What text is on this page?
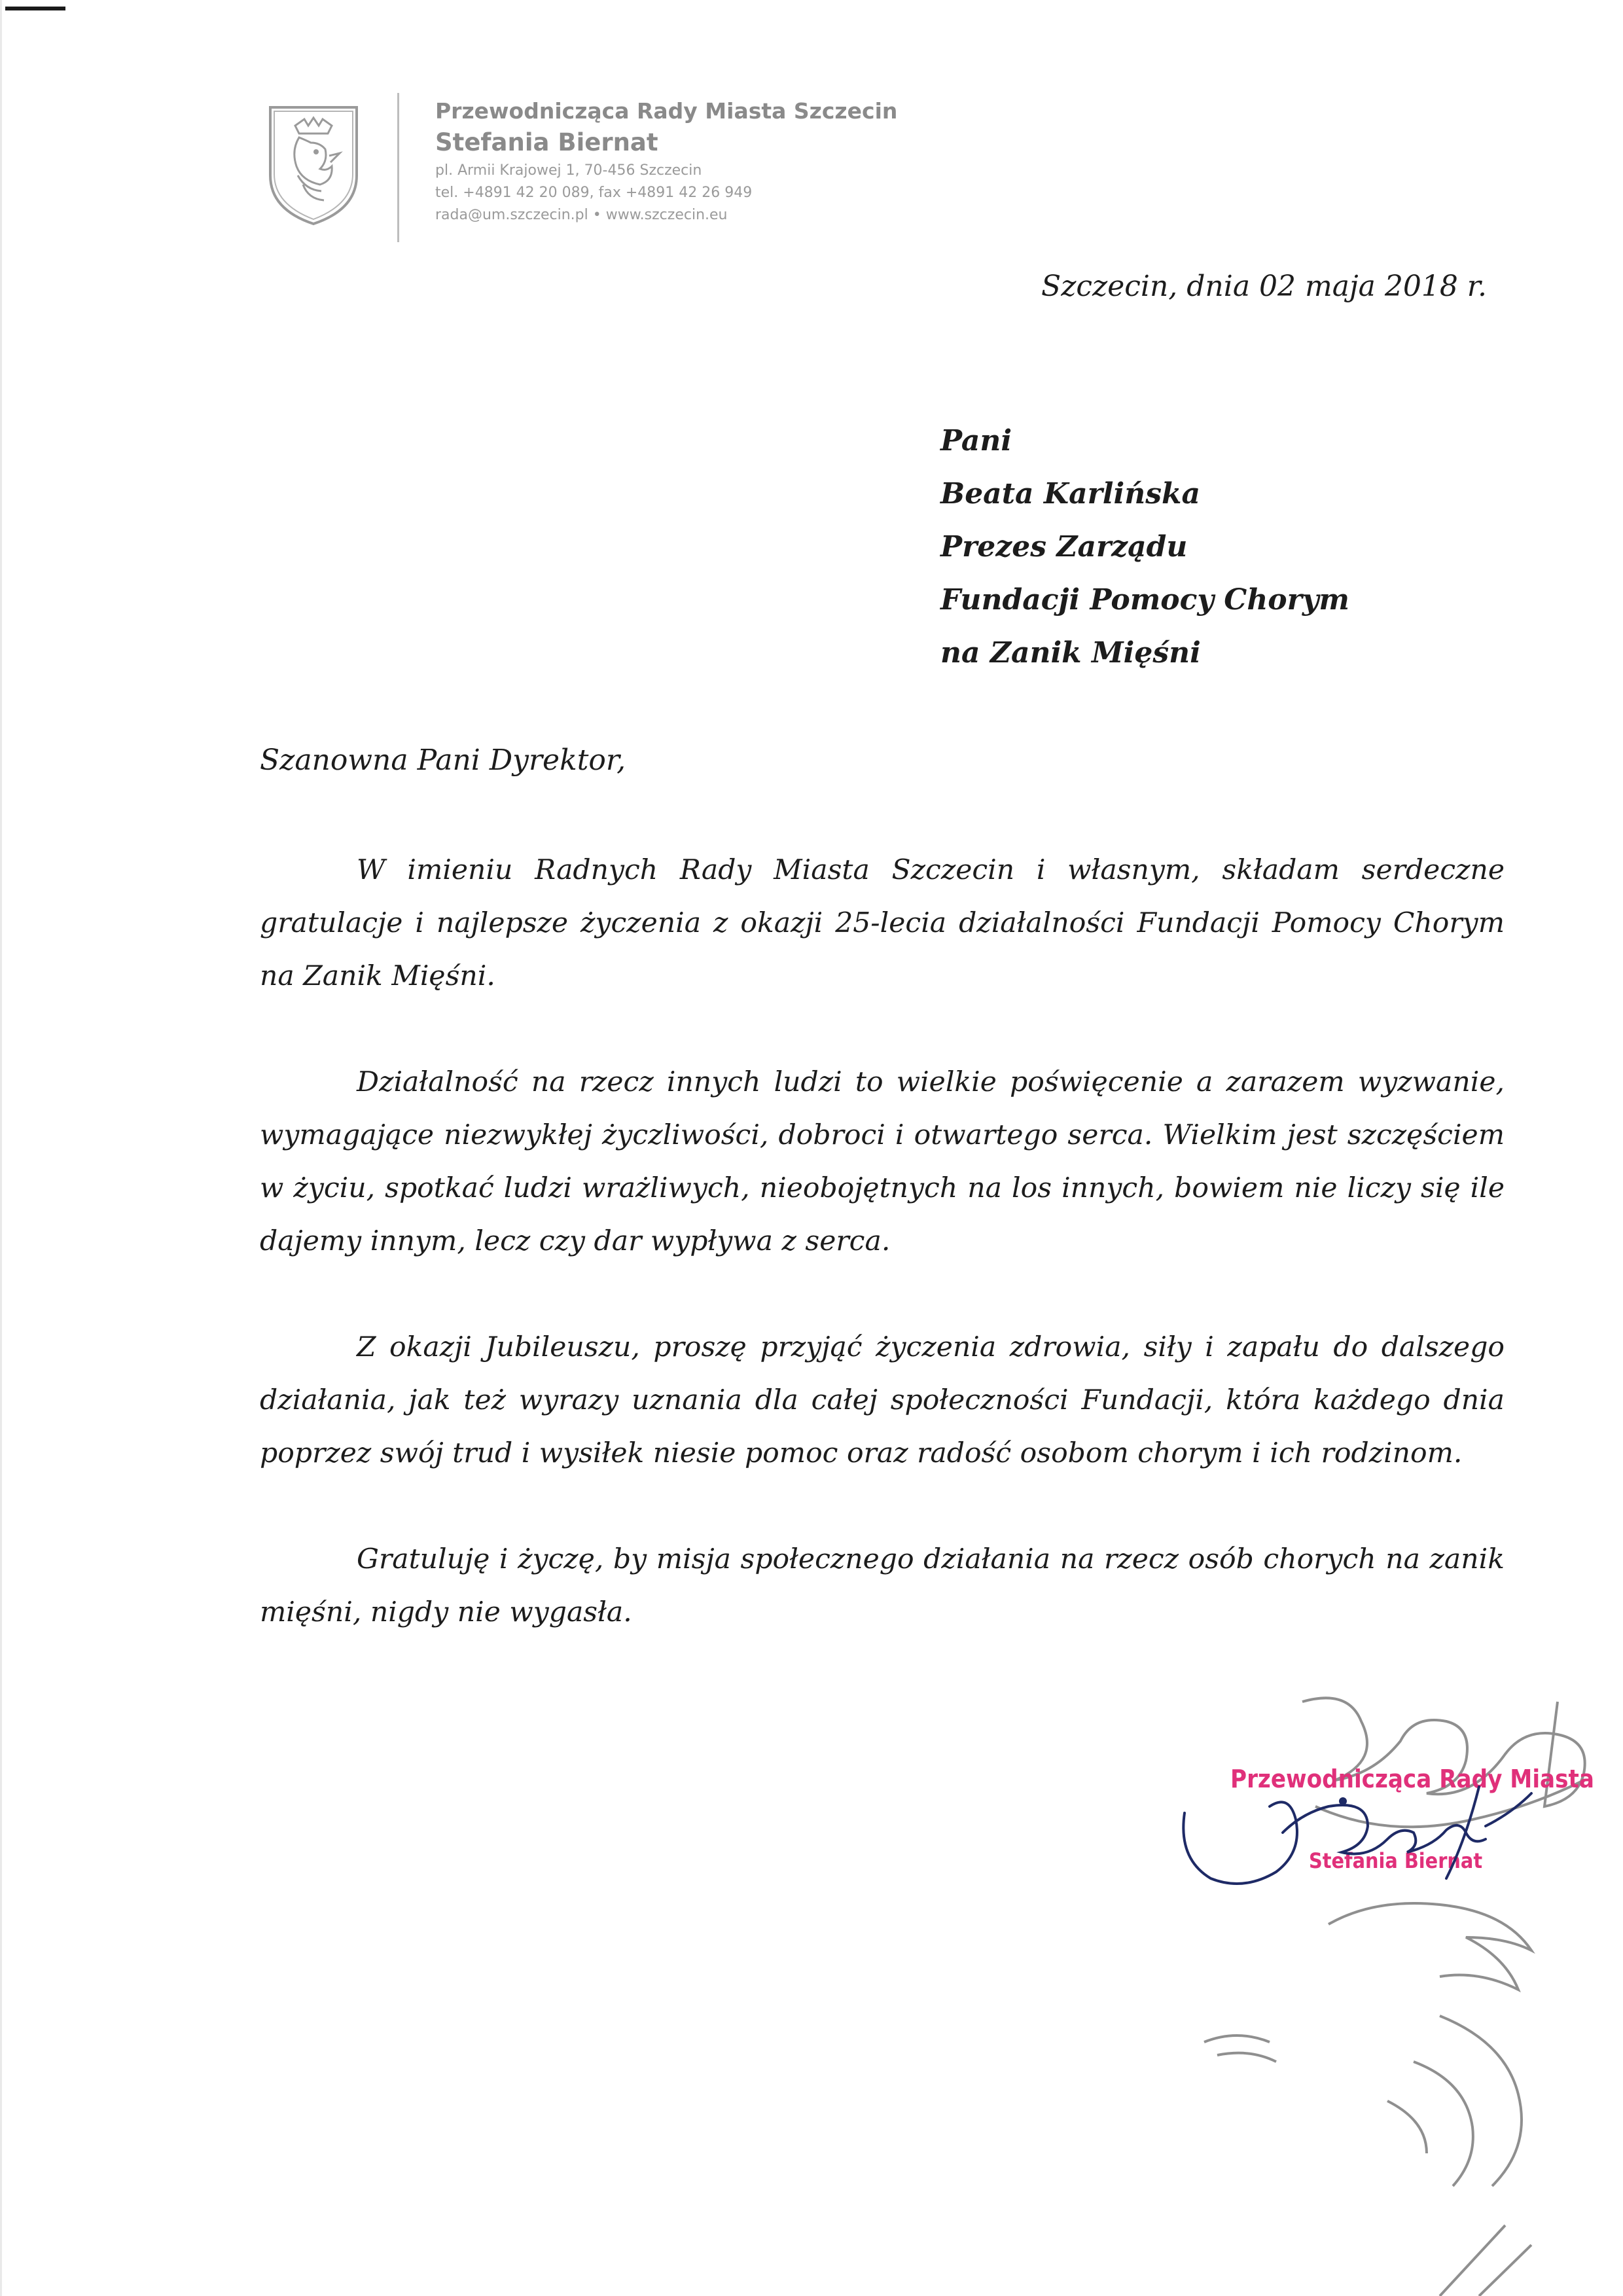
Przewodnicząca Rady Miasta Szczecin
Stefania Biernat
pl. Armii Krajowej 1, 70-456 Szczecin
tel. +4891 42 20 089, fax +4891 42 26 949
rada@um.szczecin.pl • www.szczecin.eu
Szczecin, dnia 02 maja 2018 r.
Pani
Beata Karlińska
Prezes Zarządu
Fundacji Pomocy Chorym
na Zanik Mięśni
Szanowna Pani Dyrektor,

W imieniu Radnych Rady Miasta Szczecin i własnym, składam serdeczne gratulacje i najlepsze życzenia z okazji 25-lecia działalności Fundacji Pomocy Chorym na Zanik Mięśni.

Działalność na rzecz innych ludzi to wielkie poświęcenie a zarazem wyzwanie, wymagające niezwykłej życzliwości, dobroci i otwartego serca. Wielkim jest szczęściem w życiu, spotkać ludzi wrażliwych, nieobojętnych na los innych, bowiem nie liczy się ile dajemy innym, lecz czy dar wypływa z serca.

Z okazji Jubileuszu, proszę przyjąć życzenia zdrowia, siły i zapału do dalszego działania, jak też wyrazy uznania dla całej społeczności Fundacji, która każdego dnia poprzez swój trud i wysiłek niesie pomoc oraz radość osobom chorym i ich rodzinom.

Gratuluję i życzę, by misja społecznego działania na rzecz osób chorych na zanik mięśni, nigdy nie wygasła.

Przewodnicząca Rady Miasta
Stefania Biernat
